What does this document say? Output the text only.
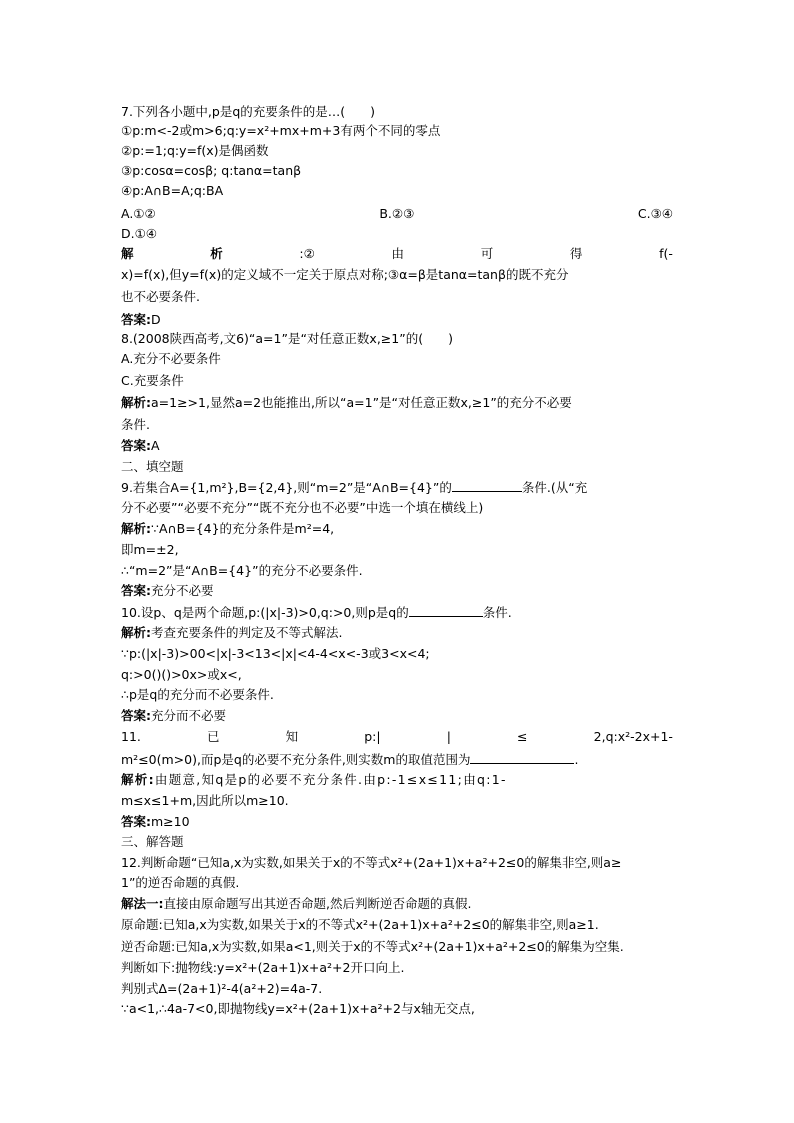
7.下列各小题中,p是q的充要条件的是…(　　)
①p:m<-2或m>6;q:y=x²+mx+m+3有两个不同的零点
②p:=1;q:y=f(x)是偶函数
③p:cosα=cosβ; q:tanα=tanβ
④p:A∩B=A;q:BA
A.①②	B.②③	C.③④
D.①④
解	析	:②	由	可	得	f(-
x)=f(x),但y=f(x)的定义域不一定关于原点对称;③α=β是tanα=tanβ的既不充分
也不必要条件.
答案:D
8.(2008陕西高考,文6)“a=1”是“对任意正数x,≥1”的(　　)
A.充分不必要条件
C.充要条件
解析:a=1≥>1,显然a=2也能推出,所以“a=1”是“对任意正数x,≥1”的充分不必要
条件.
答案:A
二、填空题
9.若集合A={1,m²},B={2,4},则“m=2”是“A∩B={4}”的	条件.(从“充
分不必要”“必要不充分”“既不充分也不必要”中选一个填在横线上)
解析:∵A∩B={4}的充分条件是m²=4,
即m=±2,
∴“m=2”是“A∩B={4}”的充分不必要条件.
答案:充分不必要
10.设p、q是两个命题,p:(|x|-3)>0,q:>0,则p是q的	条件.
解析:考查充要条件的判定及不等式解法.
∵p:(|x|-3)>00<|x|-3<13<|x|<4-4<x<-3或3<x<4;
q:>0()()>0x>或x<,
∴p是q的充分而不必要条件.
答案:充分而不必要
11.	已	知	p:|	|	≤	2,q:x²-2x+1-
m²≤0(m>0),而p是q的必要不充分条件,则实数m的取值范围为	.
解析:由题意,知q是p的必要不充分条件.由p:-1≤x≤11;由q:1-
m≤x≤1+m,因此所以m≥10.
答案:m≥10
三、解答题
12.判断命题“已知a,x为实数,如果关于x的不等式x²+(2a+1)x+a²+2≤0的解集非空,则a≥
1”的逆否命题的真假.
解法一:直接由原命题写出其逆否命题,然后判断逆否命题的真假.
原命题:已知a,x为实数,如果关于x的不等式x²+(2a+1)x+a²+2≤0的解集非空,则a≥1.
逆否命题:已知a,x为实数,如果a<1,则关于x的不等式x²+(2a+1)x+a²+2≤0的解集为空集.
判断如下:抛物线:y=x²+(2a+1)x+a²+2开口向上.
判别式Δ=(2a+1)²-4(a²+2)=4a-7.
∵a<1,∴4a-7<0,即抛物线y=x²+(2a+1)x+a²+2与x轴无交点,
